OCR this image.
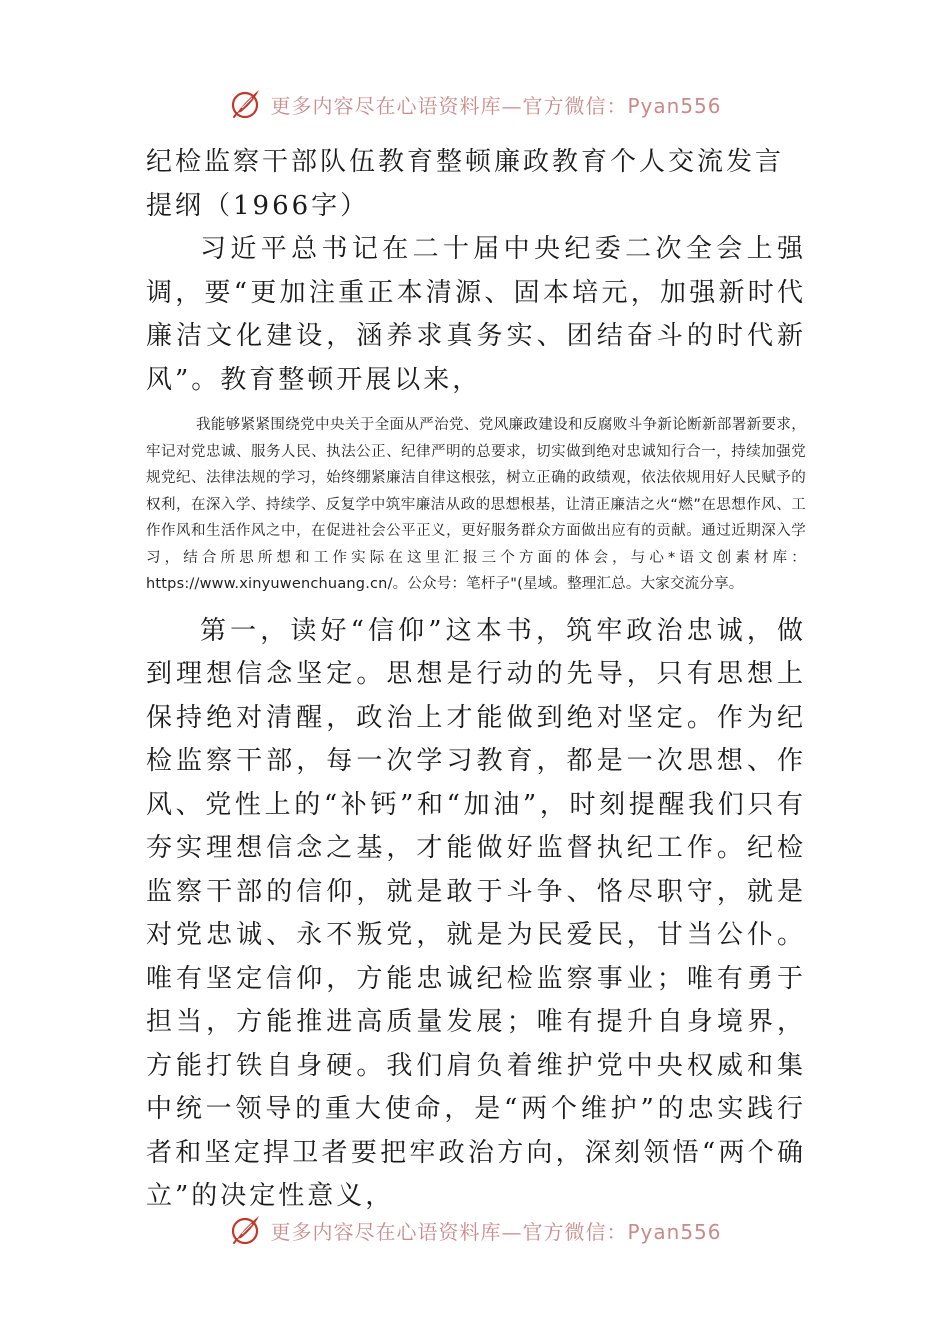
更多内容尽在心语资料库—官方微信：Pyan556
纪检监察干部队伍教育整顿廉政教育个人交流发言提纲（1966字）

习近平总书记在二十届中央纪委二次全会上强调，要“更加注重正本清源、固本培元，加强新时代廉洁文化建设，涵养求真务实、团结奋斗的时代新风”。教育整顿开展以来，

我能够紧紧围绕党中央关于全面从严治党、党风廉政建设和反腐败斗争新论断新部署新要求，牢记对党忠诚、服务人民、执法公正、纪律严明的总要求，切实做到绝对忠诚知行合一，持续加强党规党纪、法律法规的学习，始终绷紧廉洁自律这根弦，树立正确的政绩观，依法依规用好人民赋予的权利，在深入学、持续学、反复学中筑牢廉洁从政的思想根基，让清正廉洁之火“燃”在思想作风、工作作风和生活作风之中，在促进社会公平正义，更好服务群众方面做出应有的贡献。通过近期深入学习，结合所思所想和工作实际在这里汇报三个方面的体会，与心*语文创素材库：https://www.xinyuwenchuang.cn/。公众号：笔杆子"(星域。整理汇总。大家交流分享。

第一，读好“信仰”这本书，筑牢政治忠诚，做到理想信念坚定。思想是行动的先导，只有思想上保持绝对清醒，政治上才能做到绝对坚定。作为纪检监察干部，每一次学习教育，都是一次思想、作风、党性上的“补钙”和“加油”，时刻提醒我们只有夯实理想信念之基，才能做好监督执纪工作。纪检监察干部的信仰，就是敢于斗争、恪尽职守，就是对党忠诚、永不叛党，就是为民爱民，甘当公仆。唯有坚定信仰，方能忠诚纪检监察事业；唯有勇于担当，方能推进高质量发展；唯有提升自身境界，方能打铁自身硬。我们肩负着维护党中央权威和集中统一领导的重大使命，是“两个维护”的忠实践行者和坚定捍卫者要把牢政治方向，深刻领悟“两个确立”的决定性意义，

更多内容尽在心语资料库—官方微信：Pyan556
